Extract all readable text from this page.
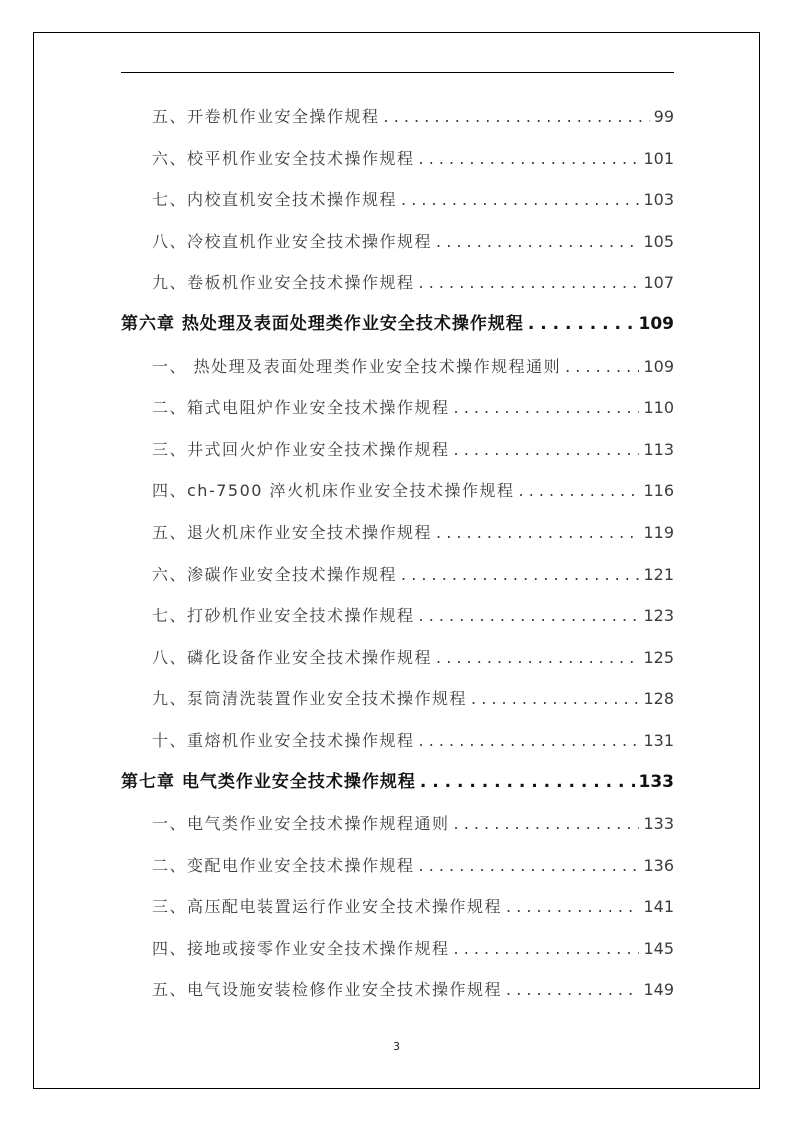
五、开卷机作业安全操作规程 . . .	99
六、校平机作业安全技术操作规程 . . .	101
七、内校直机安全技术操作规程 . . .	103
八、冷校直机作业安全技术操作规程 . . .	105
九、卷板机作业安全技术操作规程 . . .	107
第六章 热处理及表面处理类作业安全技术操作规程 . . .	109
一、 热处理及表面处理类作业安全技术操作规程通则 . . .	109
二、箱式电阻炉作业安全技术操作规程 . . .	110
三、井式回火炉作业安全技术操作规程 . . .	113
四、ch-7500 淬火机床作业安全技术操作规程 . . .	116
五、退火机床作业安全技术操作规程 . . .	119
六、渗碳作业安全技术操作规程 . . .	121
七、打砂机作业安全技术操作规程 . . .	123
八、磷化设备作业安全技术操作规程 . . .	125
九、泵筒清洗装置作业安全技术操作规程 . . .	128
十、重熔机作业安全技术操作规程 . . .	131
第七章 电气类作业安全技术操作规程 . . .	133
一、电气类作业安全技术操作规程通则 . . .	133
二、变配电作业安全技术操作规程 . . .	136
三、高压配电装置运行作业安全技术操作规程 . . .	141
四、接地或接零作业安全技术操作规程 . . .	145
五、电气设施安装检修作业安全技术操作规程 . . .	149
3
